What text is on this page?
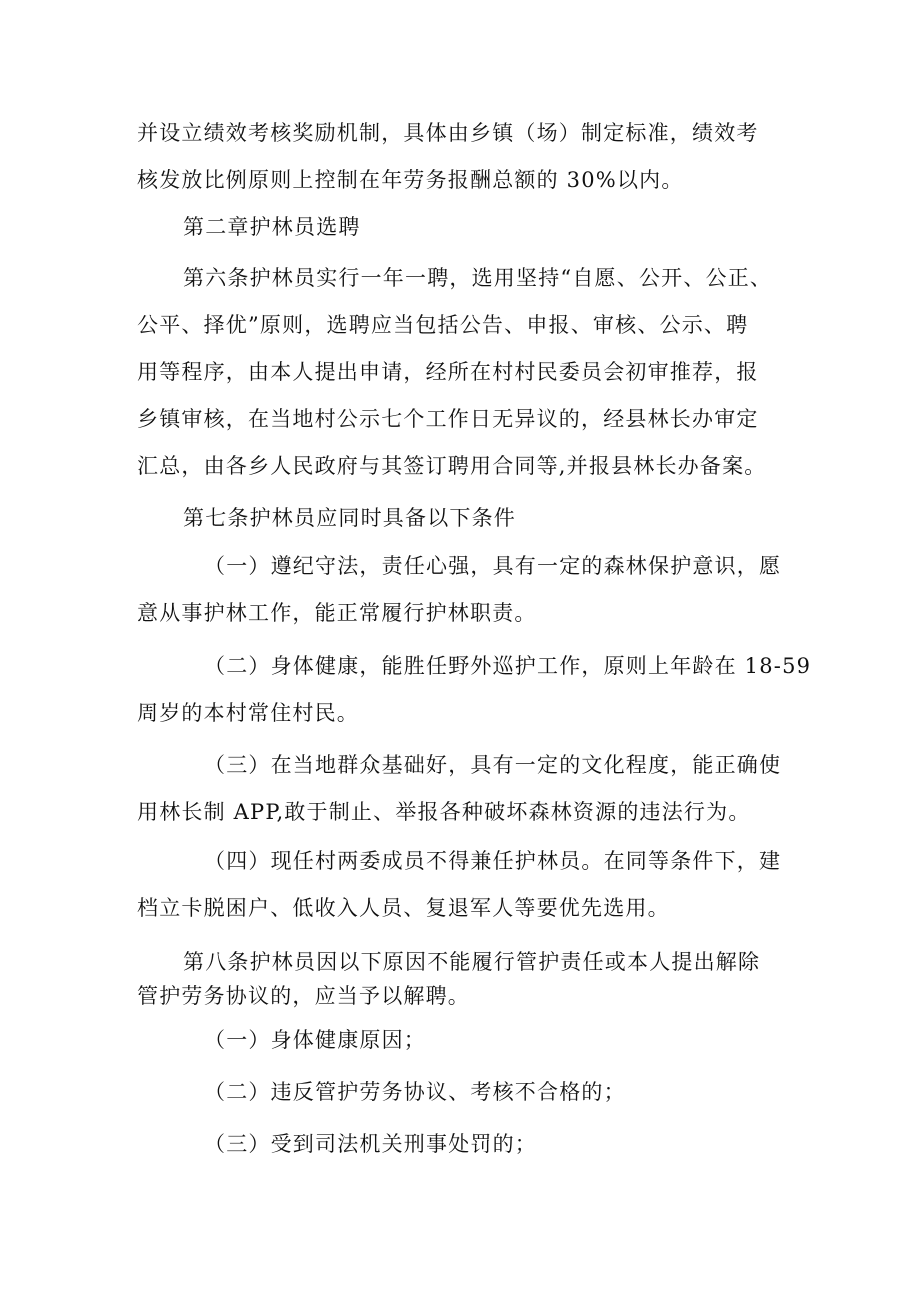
并设立绩效考核奖励机制，具体由乡镇（场）制定标准，绩效考
核发放比例原则上控制在年劳务报酬总额的 30%以内。

第二章护林员选聘

第六条护林员实行一年一聘，选用坚持“自愿、公开、公正、
公平、择优”原则，选聘应当包括公告、申报、审核、公示、聘
用等程序，由本人提出申请，经所在村村民委员会初审推荐，报
乡镇审核，在当地村公示七个工作日无异议的，经县林长办审定
汇总，由各乡人民政府与其签订聘用合同等,并报县林长办备案。

第七条护林员应同时具备以下条件

（一）遵纪守法，责任心强，具有一定的森林保护意识，愿
意从事护林工作，能正常履行护林职责。

（二）身体健康，能胜任野外巡护工作，原则上年龄在 18-59
周岁的本村常住村民。

（三）在当地群众基础好，具有一定的文化程度，能正确使
用林长制 APP,敢于制止、举报各种破坏森林资源的违法行为。

（四）现任村两委成员不得兼任护林员。在同等条件下，建
档立卡脱困户、低收入人员、复退军人等要优先选用。

第八条护林员因以下原因不能履行管护责任或本人提出解除
管护劳务协议的，应当予以解聘。

（一）身体健康原因；

（二）违反管护劳务协议、考核不合格的；

（三）受到司法机关刑事处罚的；
